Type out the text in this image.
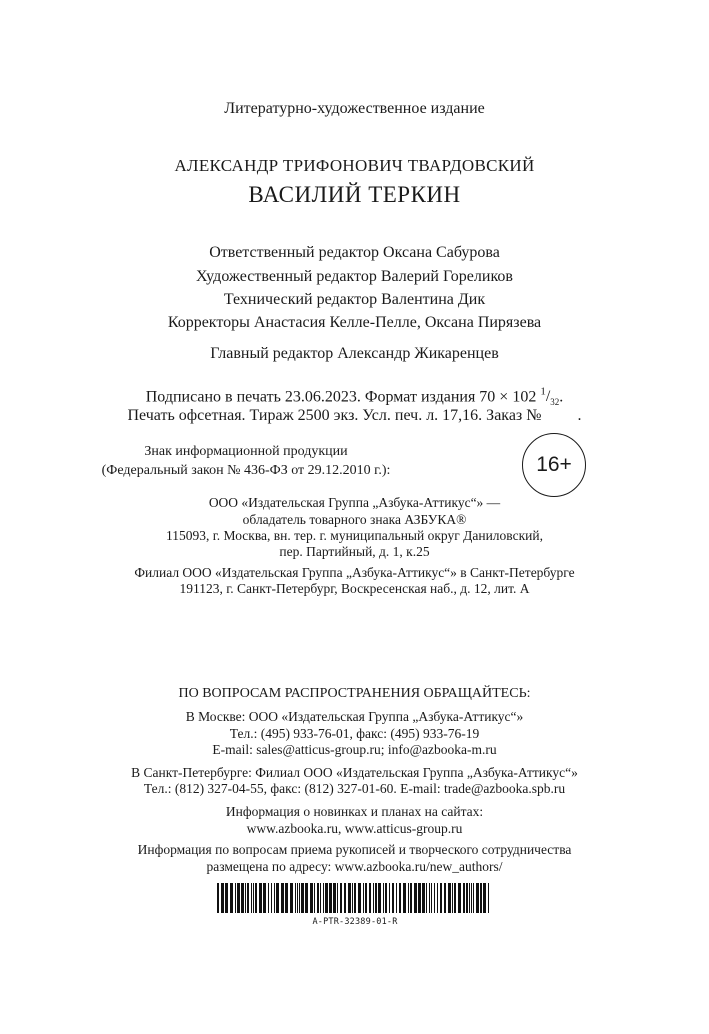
Литературно-художественное издание
АЛЕКСАНДР ТРИФОНОВИЧ ТВАРДОВСКИЙ
ВАСИЛИЙ ТЕРКИН
Ответственный редактор Оксана Сабурова
Художественный редактор Валерий Гореликов
Технический редактор Валентина Дик
Корректоры Анастасия Келле-Пелле, Оксана Пирязева
Главный редактор Александр Жикаренцев
Подписано в печать 23.06.2023. Формат издания 70 × 102 $^1/_{32}$.
Печать офсетная. Тираж 2500 экз. Усл. печ. л. 17,16. Заказ №         .
Знак информационной продукции
(Федеральный закон № 436-ФЗ от 29.12.2010 г.):	16+
ООО «Издательская Группа „Азбука-Аттикус“» —
обладатель товарного знака АЗБУКА®
115093, г. Москва, вн. тер. г. муниципальный округ Даниловский,
пер. Партийный, д. 1, к.25
Филиал ООО «Издательская Группа „Азбука-Аттикус“» в Санкт-Петербурге
191123, г. Санкт-Петербург, Воскресенская наб., д. 12, лит. А
ПО ВОПРОСАМ РАСПРОСТРАНЕНИЯ ОБРАЩАЙТЕСЬ:
В Москве: ООО «Издательская Группа „Азбука-Аттикус“»
Тел.: (495) 933-76-01, факс: (495) 933-76-19
E-mail: sales@atticus-group.ru; info@azbooka-m.ru
В Санкт-Петербурге: Филиал ООО «Издательская Группа „Азбука-Аттикус“»
Тел.: (812) 327-04-55, факс: (812) 327-01-60. E-mail: trade@azbooka.spb.ru
Информация о новинках и планах на сайтах:
www.azbooka.ru, www.atticus-group.ru
Информация по вопросам приема рукописей и творческого сотрудничества
размещена по адресу: www.azbooka.ru/new_authors/
А-PTR-32389-01-R
